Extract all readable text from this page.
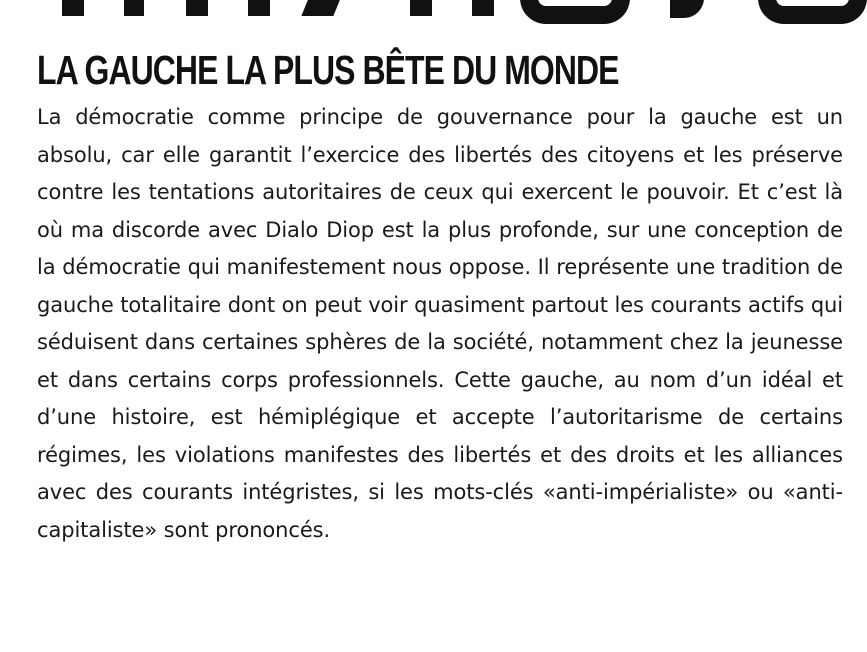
LA GAUCHE LA PLUS BÊTE DU MONDE

La démocratie comme principe de gouvernance pour la gauche est un absolu, car elle garantit l’exercice des libertés des citoyens et les préserve contre les tentations autoritaires de ceux qui exercent le pouvoir. Et c’est là où ma discorde avec Dialo Diop est la plus profonde, sur une conception de la démocratie qui manifestement nous oppose. Il représente une tradition de gauche totalitaire dont on peut voir quasiment partout les courants actifs qui séduisent dans certaines sphères de la société, notamment chez la jeunesse et dans certains corps professionnels. Cette gauche, au nom d’un idéal et d’une histoire, est hémiplégique et accepte l’autoritarisme de certains régimes, les violations manifestes des libertés et des droits et les alliances avec des courants intégristes, si les mots-clés «anti-impérialiste» ou «anti-capitaliste» sont prononcés.
